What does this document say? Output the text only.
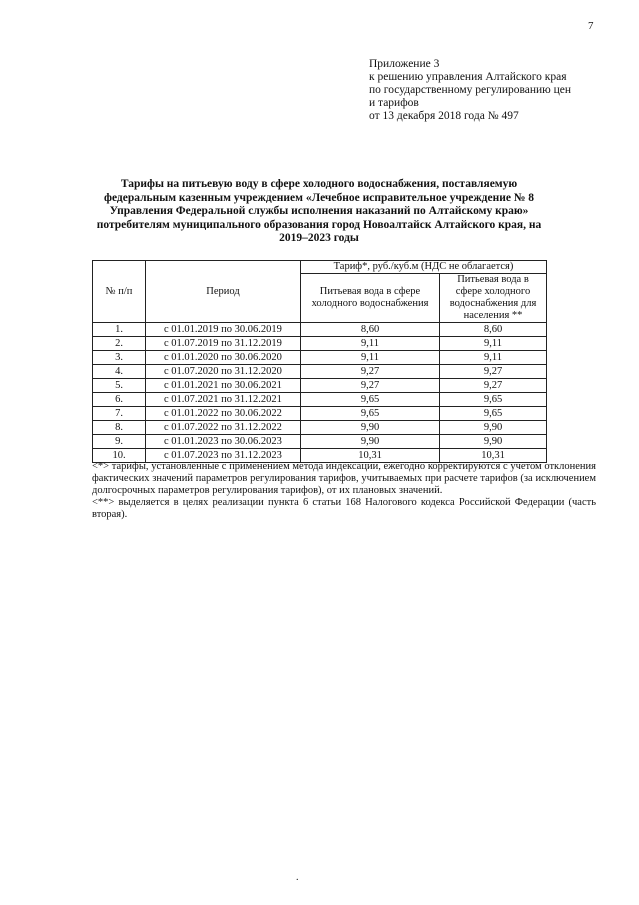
7
Приложение 3
к решению управления Алтайского края
по государственному регулированию цен
и тарифов
от 13 декабря 2018 года № 497
Тарифы на питьевую воду в сфере холодного водоснабжения, поставляемую федеральным казенным учреждением «Лечебное исправительное учреждение № 8 Управления Федеральной службы исполнения наказаний по Алтайскому краю» потребителям муниципального образования город Новоалтайск Алтайского края, на 2019–2023 годы
№ п/п	Период	Тариф*, руб./куб.м (НДС не облагается)	
		Питьевая вода в сфере холодного водоснабжения	Питьевая вода в сфере холодного водоснабжения для населения **
1.	с 01.01.2019 по 30.06.2019	8,60	8,60
2.	с 01.07.2019 по 31.12.2019	9,11	9,11
3.	с 01.01.2020 по 30.06.2020	9,11	9,11
4.	с 01.07.2020 по 31.12.2020	9,27	9,27
5.	с 01.01.2021 по 30.06.2021	9,27	9,27
6.	с 01.07.2021 по 31.12.2021	9,65	9,65
7.	с 01.01.2022 по 30.06.2022	9,65	9,65
8.	с 01.07.2022 по 31.12.2022	9,90	9,90
9.	с 01.01.2023 по 30.06.2023	9,90	9,90
10.	с 01.07.2023 по 31.12.2023	10,31	10,31

<*> тарифы, установленные с применением метода индексации, ежегодно корректируются с учетом отклонения фактических значений параметров регулирования тарифов, учитываемых при расчете тарифов (за исключением долгосрочных параметров регулирования тарифов), от их плановых значений.

<**> выделяется в целях реализации пункта 6 статьи 168 Налогового кодекса Российской Федерации (часть вторая).

.
